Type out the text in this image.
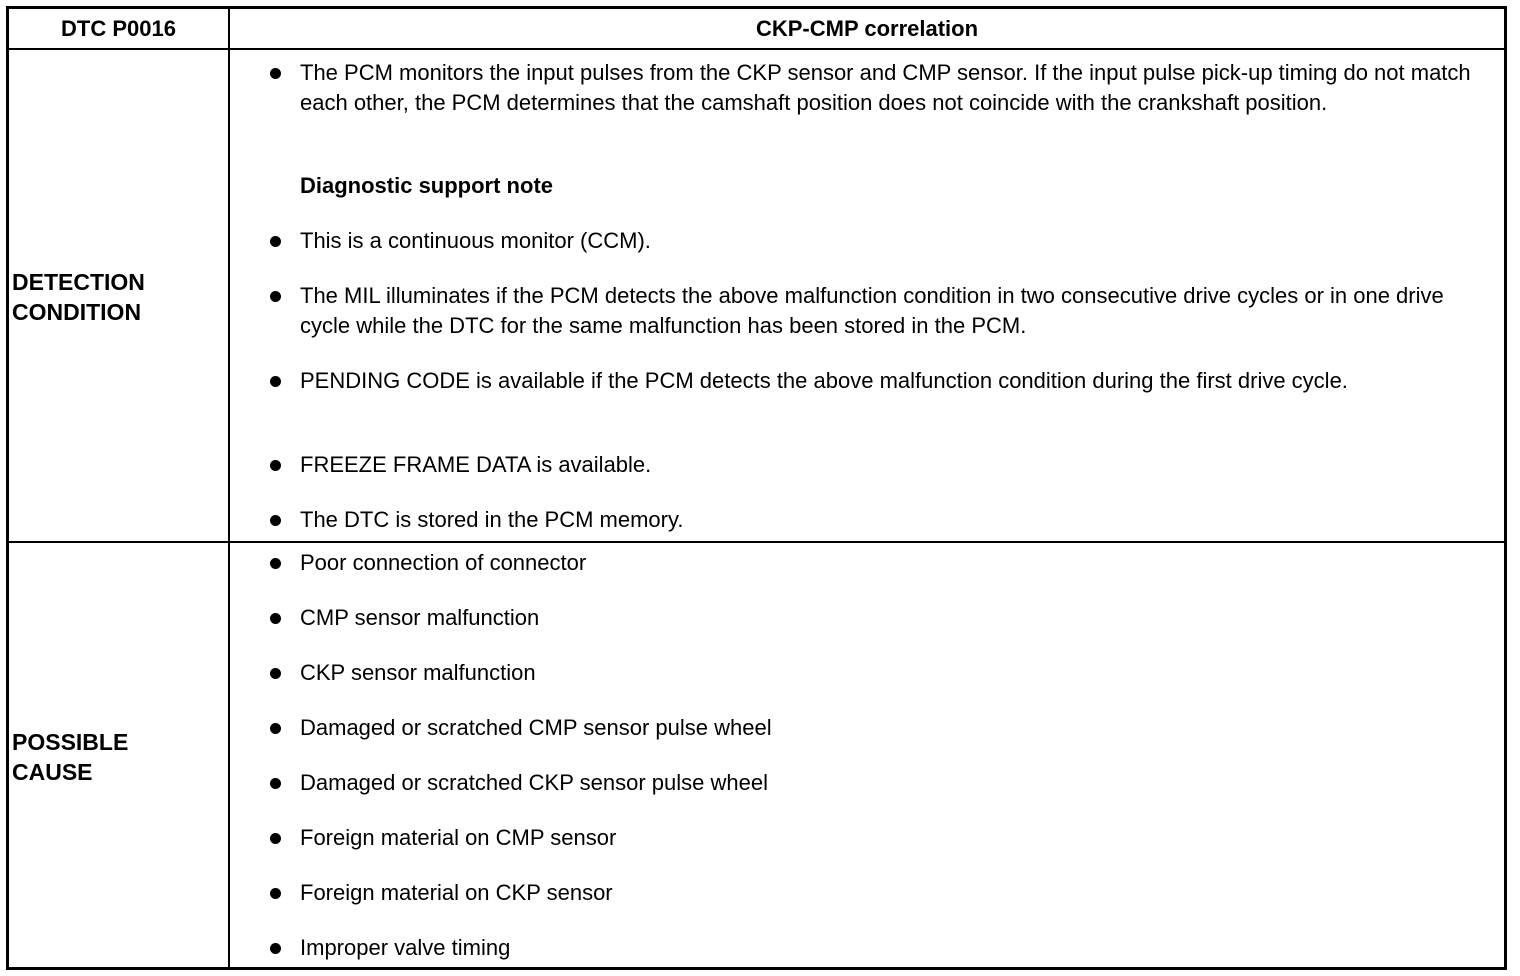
DTC P0016	CKP-CMP correlation
DETECTION
CONDITION
POSSIBLE
CAUSE
The PCM monitors the input pulses from the CKP sensor and CMP sensor. If the input pulse pick-up timing do not match each other, the PCM determines that the camshaft position does not coincide with the crankshaft position.
Diagnostic support note
This is a continuous monitor (CCM).
The MIL illuminates if the PCM detects the above malfunction condition in two consecutive drive cycles or in one drive cycle while the DTC for the same malfunction has been stored in the PCM.
PENDING CODE is available if the PCM detects the above malfunction condition during the first drive cycle.
FREEZE FRAME DATA is available.
The DTC is stored in the PCM memory.
Poor connection of connector
CMP sensor malfunction
CKP sensor malfunction
Damaged or scratched CMP sensor pulse wheel
Damaged or scratched CKP sensor pulse wheel
Foreign material on CMP sensor
Foreign material on CKP sensor
Improper valve timing
